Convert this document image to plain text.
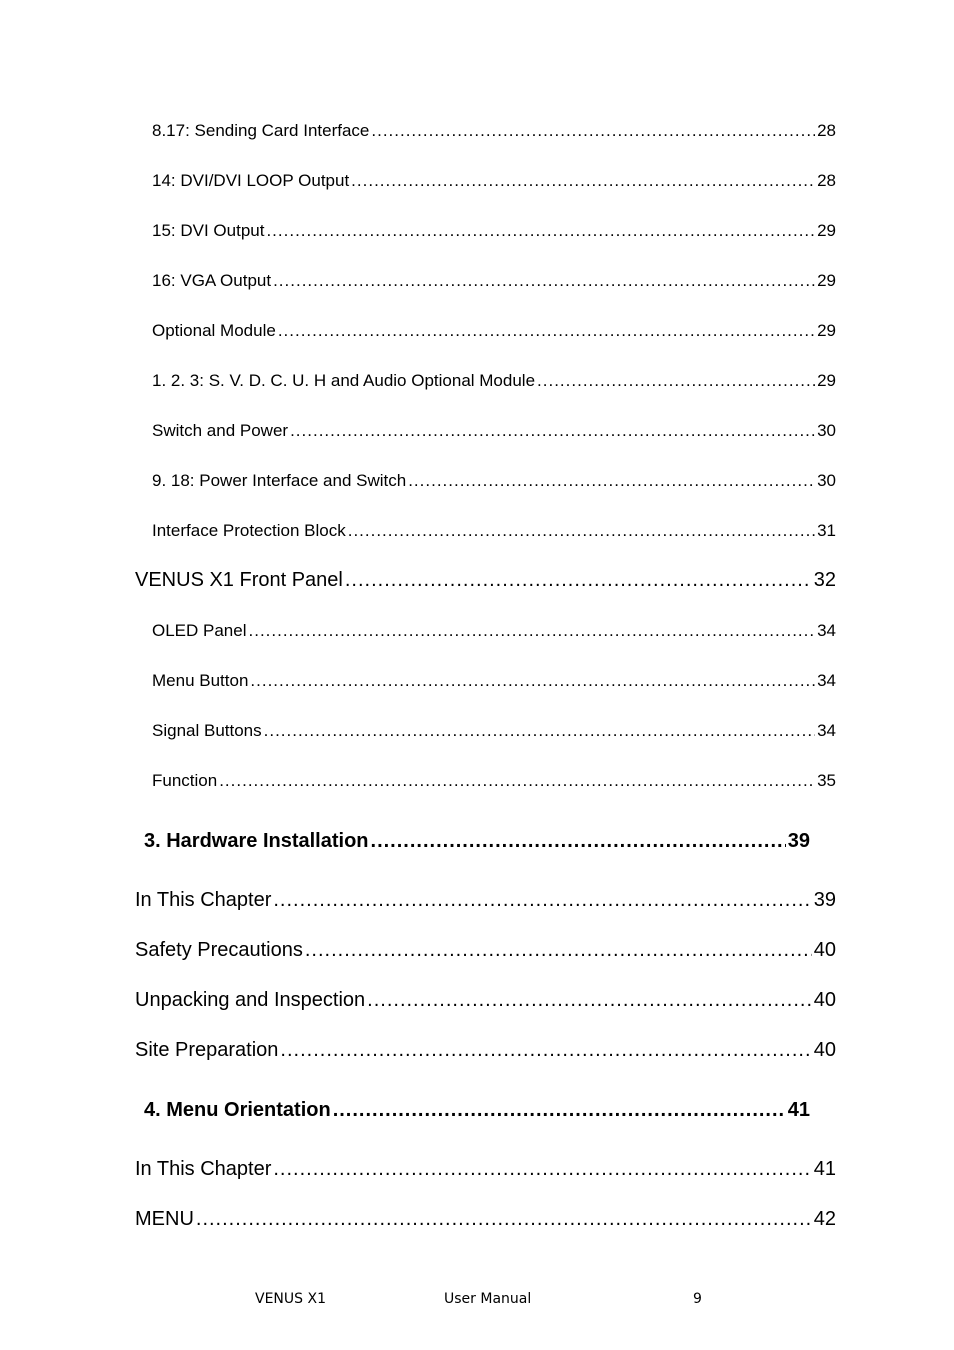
8.17: Sending Card Interface .....	28
14: DVI/DVI LOOP Output .....	28
15: DVI Output .....	29
16: VGA Output .....	29
Optional Module .....	29
1. 2. 3: S. V. D. C. U. H and Audio Optional Module .....	29
Switch and Power .....	30
9. 18: Power Interface and Switch .....	30
Interface Protection Block .....	31
VENUS X1 Front Panel .....	32
OLED Panel .....	34
Menu Button .....	34
Signal Buttons .....	34
Function .....	35
3. Hardware Installation .....	39
In This Chapter .....	39
Safety Precautions .....	40
Unpacking and Inspection .....	40
Site Preparation .....	40
4. Menu Orientation .....	41
In This Chapter .....	41
MENU .....	42
VENUS X1	User Manual	9
